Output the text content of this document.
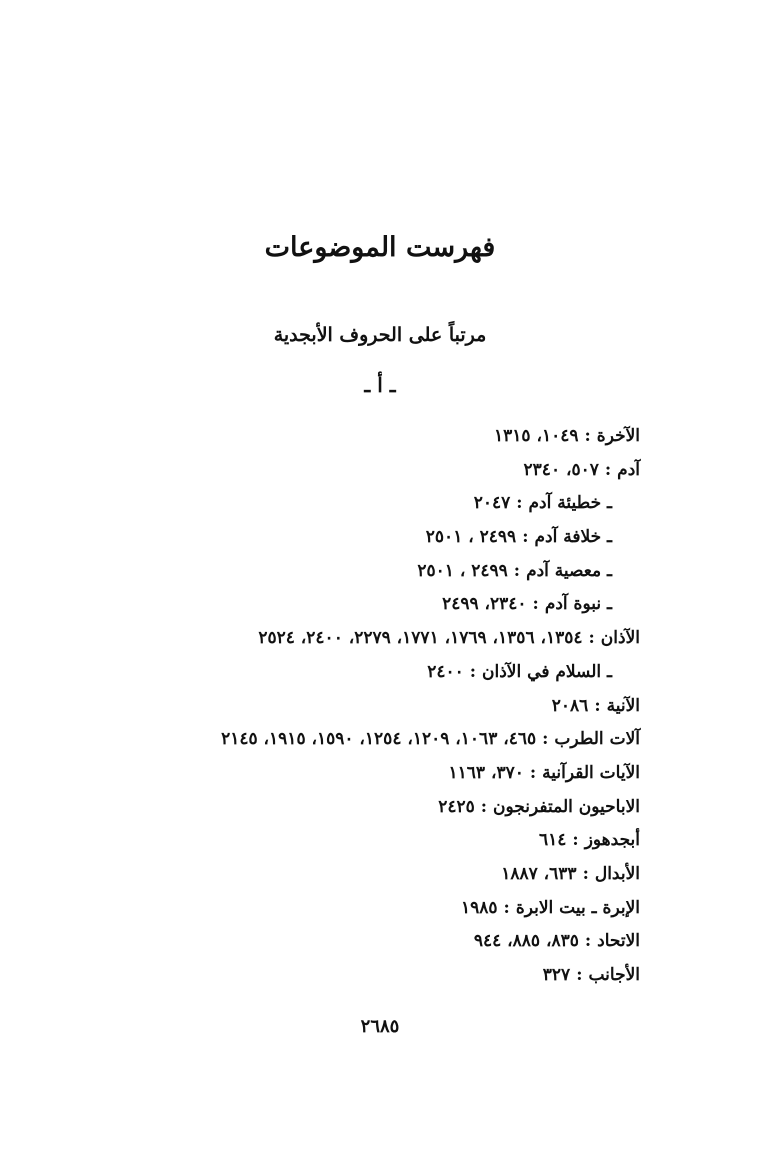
فهرست الموضوعات
مرتباً على الحروف الأبجدية
ـ أ ـ
الآخرة:١٠٤٩، ١٣١٥
آدم:٥٠٧، ٢٣٤٠
ـ خطيئة آدم:٢٠٤٧
ـ خلافة آدم:٢٤٩٩ ، ٢٥٠١
ـ معصية آدم:٢٤٩٩ ، ٢٥٠١
ـ نبوة آدم:٢٣٤٠، ٢٤٩٩
الآذان:١٣٥٤، ١٣٥٦، ١٧٦٩، ١٧٧١، ٢٢٧٩، ٢٤٠٠، ٢٥٢٤
ـ السلام في الآذان:٢٤٠٠
الآنية:٢٠٨٦
آلات الطرب:٤٦٥، ١٠٦٣، ١٢٠٩، ١٢٥٤، ١٥٩٠، ١٩١٥، ٢١٤٥
الآيات القرآنية:٣٧٠، ١١٦٣
الاباحيون المتفرنجون:٢٤٢٥
أبجدهوز:٦١٤
الأبدال:٦٣٣، ١٨٨٧
الإبرة ـ بيت الابرة:١٩٨٥
الاتحاد:٨٣٥، ٨٨٥، ٩٤٤
الأجانب:٣٢٧
٢٦٨٥
